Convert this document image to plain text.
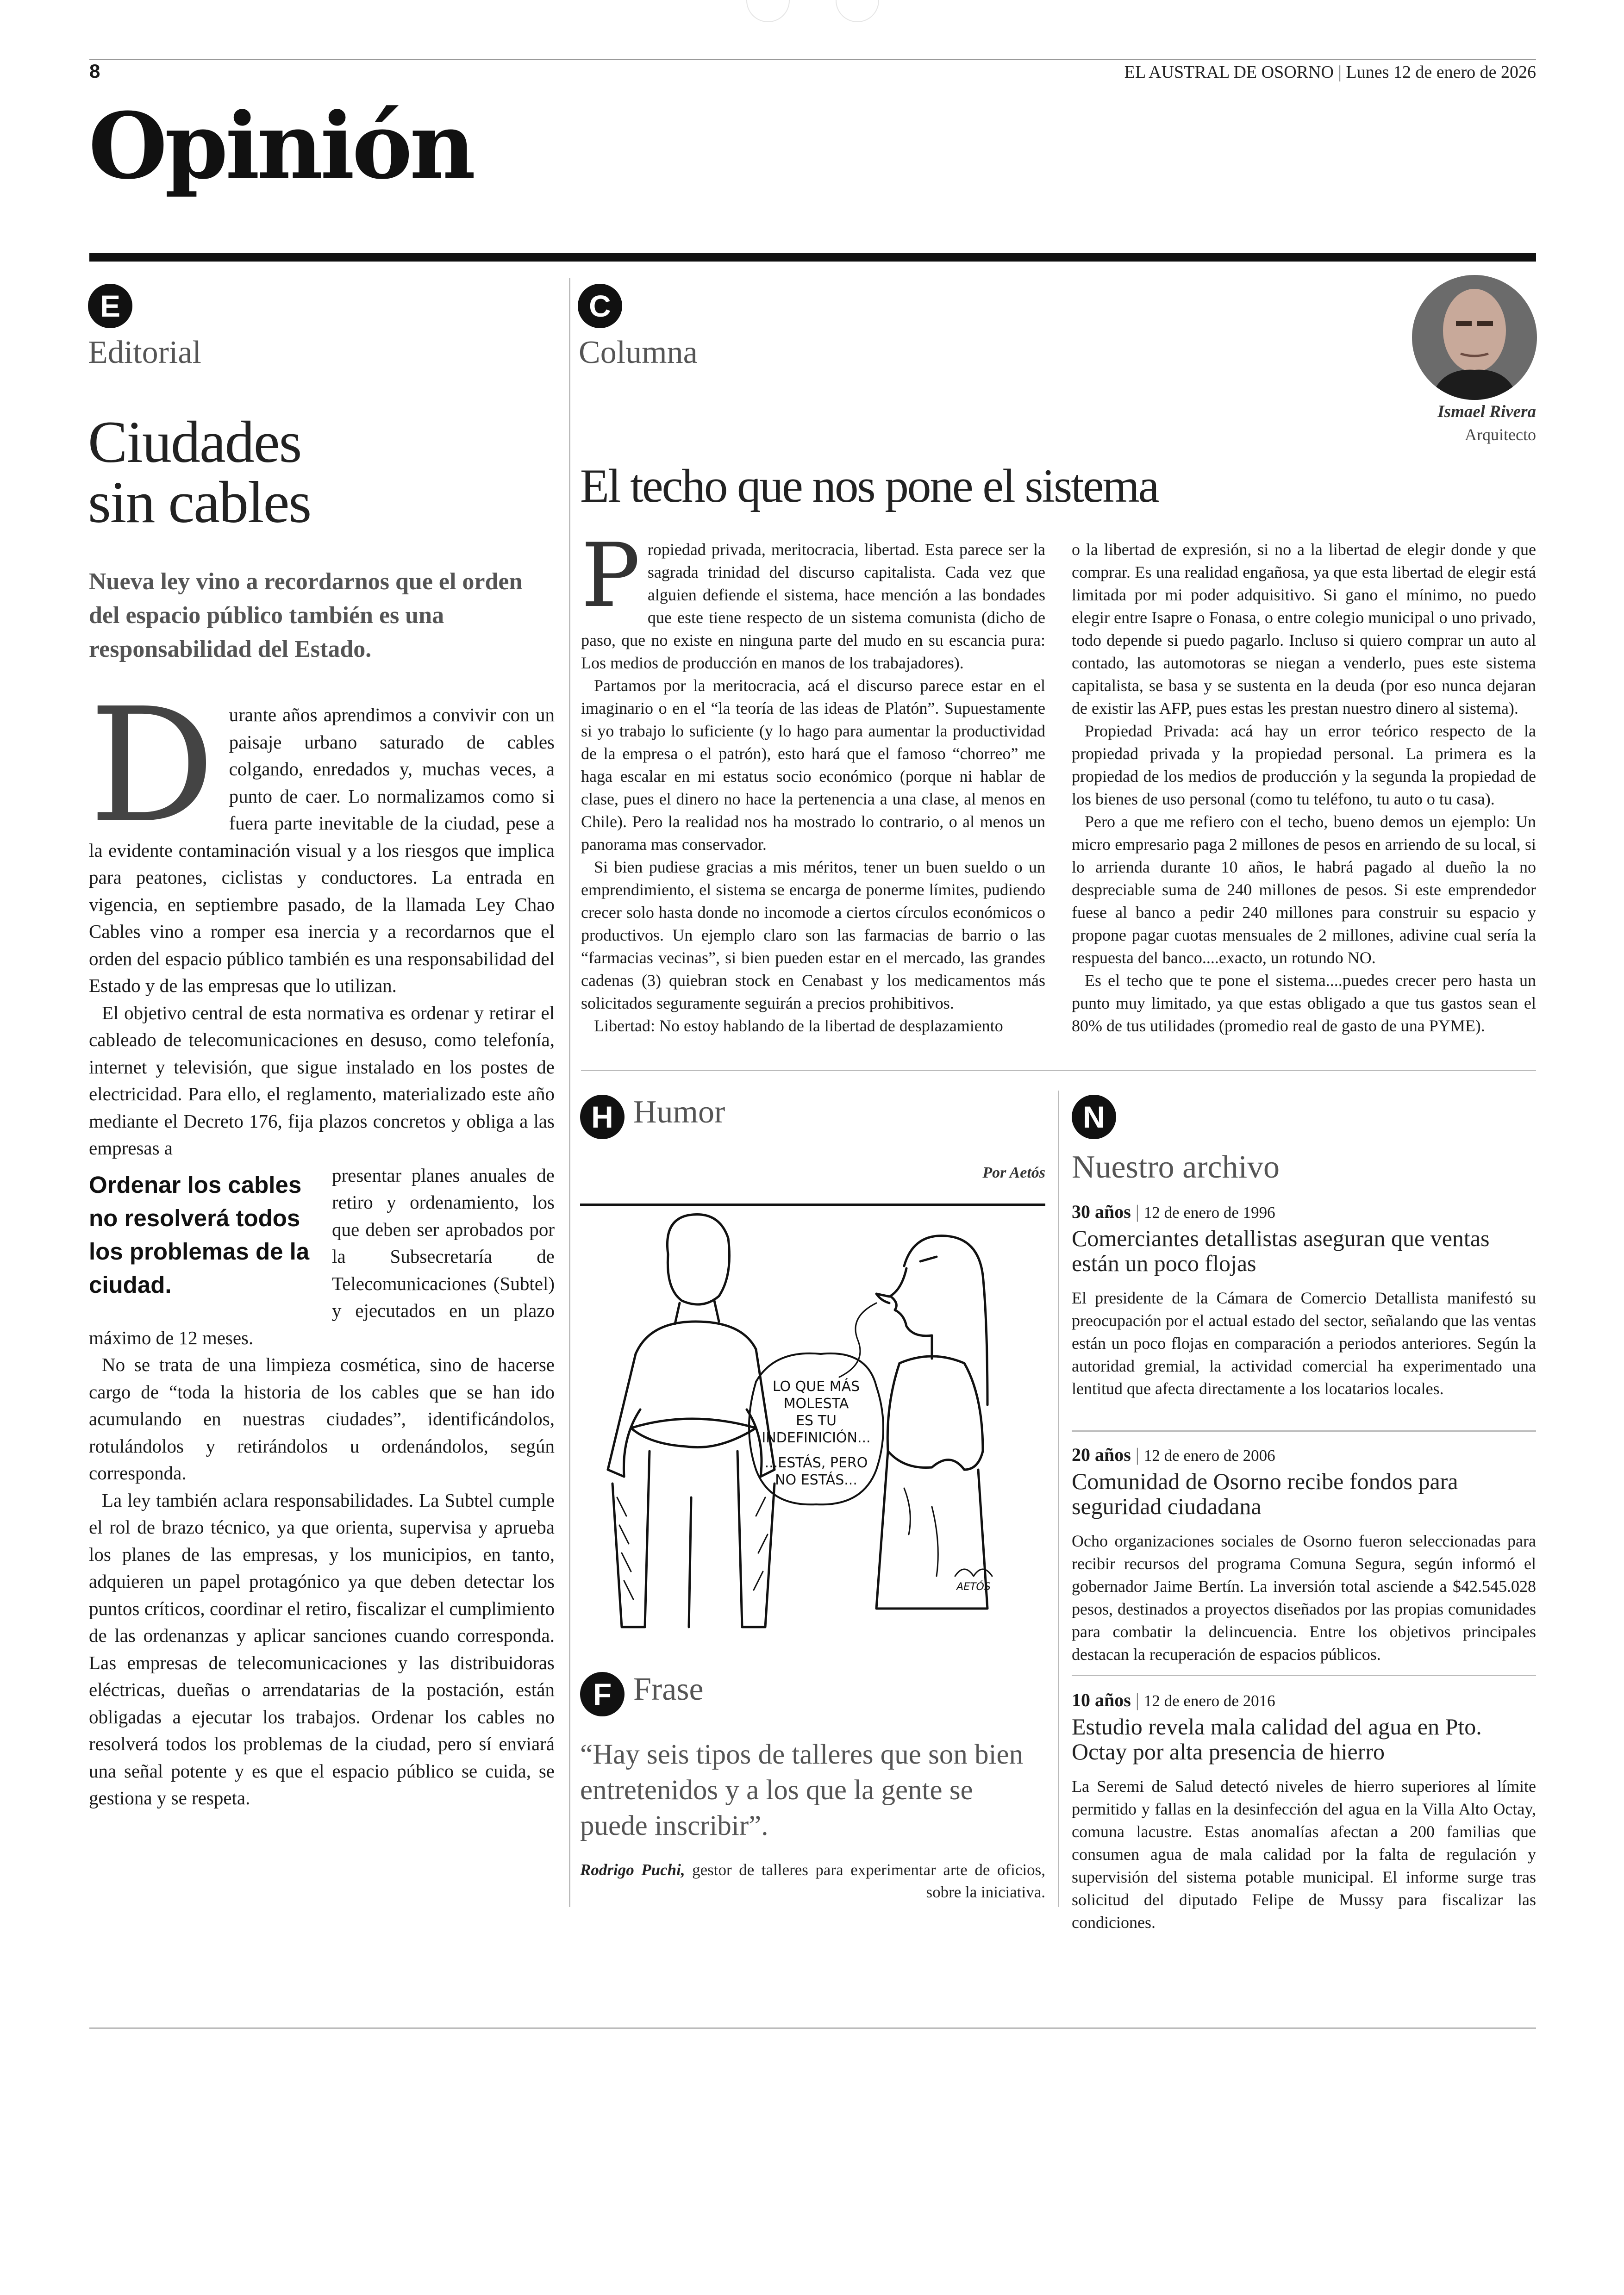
8	EL AUSTRAL DE OSORNO | Lunes 12 de enero de 2026
Opinión
E
Editorial
Ciudades
sin cables
Nueva ley vino a recordarnos que el orden del espacio público también es una responsabilidad del Estado.
D urante años aprendimos a convivir con un paisaje urbano saturado de cables colgando, enredados y, muchas veces, a punto de caer. Lo normalizamos como si fuera parte inevitable de la ciudad, pese a la evidente contaminación visual y a los riesgos que implica para peatones, ciclistas y conductores. La entrada en vigencia, en septiembre pasado, de la llamada Ley Chao Cables vino a romper esa inercia y a recordarnos que el orden del espacio público también es una responsabilidad del Estado y de las empresas que lo utilizan.

El objetivo central de esta normativa es ordenar y retirar el cableado de telecomunicaciones en desuso, como telefonía, internet y televisión, que sigue instalado en los postes de electricidad. Para ello, el reglamento, materializado este año mediante el Decreto 176, fija plazos concretos y obliga a las empresas a

Ordenar los cables no resolverá todos los problemas de la ciudad.

presentar planes anuales de retiro y ordenamiento, los que deben ser aprobados por la Subsecretaría de Telecomunicaciones (Subtel) y ejecutados en un plazo máximo de 12 meses.

No se trata de una limpieza cosmética, sino de hacerse cargo de “toda la historia de los cables que se han ido acumulando en nuestras ciudades”, identificándolos, rotulándolos y retirándolos u ordenándolos, según corresponda.

La ley también aclara responsabilidades. La Subtel cumple el rol de brazo técnico, ya que orienta, supervisa y aprueba los planes de las empresas, y los municipios, en tanto, adquieren un papel protagónico ya que deben detectar los puntos críticos, coordinar el retiro, fiscalizar el cumplimiento de las ordenanzas y aplicar sanciones cuando corresponda. Las empresas de telecomunicaciones y las distribuidoras eléctricas, dueñas o arrendatarias de la postación, están obligadas a ejecutar los trabajos. Ordenar los cables no resolverá todos los problemas de la ciudad, pero sí enviará una señal potente y es que el espacio público se cuida, se gestiona y se respeta.

C
Columna
Ismael Rivera
Arquitecto
El techo que nos pone el sistema
P ropiedad privada, meritocracia, libertad. Esta parece ser la sagrada trinidad del discurso capitalista. Cada vez que alguien defiende el sistema, hace mención a las bondades que este tiene respecto de un sistema comunista (dicho de paso, que no existe en ninguna parte del mudo en su escancia pura: Los medios de producción en manos de los trabajadores).

Partamos por la meritocracia, acá el discurso parece estar en el imaginario o en el “la teoría de las ideas de Platón”. Supuestamente si yo trabajo lo suficiente (y lo hago para aumentar la productividad de la empresa o el patrón), esto hará que el famoso “chorreo” me haga escalar en mi estatus socio económico (porque ni hablar de clase, pues el dinero no hace la pertenencia a una clase, al menos en Chile). Pero la realidad nos ha mostrado lo contrario, o al menos un panorama mas conservador.

Si bien pudiese gracias a mis méritos, tener un buen sueldo o un emprendimiento, el sistema se encarga de ponerme límites, pudiendo crecer solo hasta donde no incomode a ciertos círculos económicos o productivos. Un ejemplo claro son las farmacias de barrio o las “farmacias vecinas”, si bien pueden estar en el mercado, las grandes cadenas (3) quiebran stock en Cenabast y los medicamentos más solicitados seguramente seguirán a precios prohibitivos.

Libertad: No estoy hablando de la libertad de desplazamiento

o la libertad de expresión, si no a la libertad de elegir donde y que comprar. Es una realidad engañosa, ya que esta libertad de elegir está limitada por mi poder adquisitivo. Si gano el mínimo, no puedo elegir entre Isapre o Fonasa, o entre colegio municipal o uno privado, todo depende si puedo pagarlo. Incluso si quiero comprar un auto al contado, las automotoras se niegan a venderlo, pues este sistema capitalista, se basa y se sustenta en la deuda (por eso nunca dejaran de existir las AFP, pues estas les prestan nuestro dinero al sistema).

Propiedad Privada: acá hay un error teórico respecto de la propiedad privada y la propiedad personal. La primera es la propiedad de los medios de producción y la segunda la propiedad de los bienes de uso personal (como tu teléfono, tu auto o tu casa).

Pero a que me refiero con el techo, bueno demos un ejemplo: Un micro empresario paga 2 millones de pesos en arriendo de su local, si lo arrienda durante 10 años, le habrá pagado al dueño la no despreciable suma de 240 millones de pesos. Si este emprendedor fuese al banco a pedir 240 millones para construir su espacio y propone pagar cuotas mensuales de 2 millones, adivine cual sería la respuesta del banco....exacto, un rotundo NO.

Es el techo que te pone el sistema....puedes crecer pero hasta un punto muy limitado, ya que estas obligado a que tus gastos sean el 80% de tus utilidades (promedio real de gasto de una PYME).

H Humor
Por Aetós
LO QUE MÁS
MOLESTA
ES TU
INDEFINICIÓN...
...ESTÁS, PERO
NO ESTÁS...
AETÓS
F Frase
“Hay seis tipos de talleres que son bien entretenidos y a los que la gente se puede inscribir”.
Rodrigo Puchi, gestor de talleres para experimentar arte de oficios, sobre la iniciativa.
N
Nuestro archivo
30 años | 12 de enero de 1996
Comerciantes detallistas aseguran que ventas están un poco flojas
El presidente de la Cámara de Comercio Detallista manifestó su preocupación por el actual estado del sector, señalando que las ventas están un poco flojas en comparación a periodos anteriores. Según la autoridad gremial, la actividad comercial ha experimentado una lentitud que afecta directamente a los locatarios locales.
20 años | 12 de enero de 2006
Comunidad de Osorno recibe fondos para seguridad ciudadana
Ocho organizaciones sociales de Osorno fueron seleccionadas para recibir recursos del programa Comuna Segura, según informó el gobernador Jaime Bertín. La inversión total asciende a $42.545.028 pesos, destinados a proyectos diseñados por las propias comunidades para combatir la delincuencia. Entre los objetivos principales destacan la recuperación de espacios públicos.
10 años | 12 de enero de 2016
Estudio revela mala calidad del agua en Pto. Octay por alta presencia de hierro
La Seremi de Salud detectó niveles de hierro superiores al límite permitido y fallas en la desinfección del agua en la Villa Alto Octay, comuna lacustre. Estas anomalías afectan a 200 familias que consumen agua de mala calidad por la falta de regulación y supervisión del sistema potable municipal. El informe surge tras solicitud del diputado Felipe de Mussy para fiscalizar las condiciones.
